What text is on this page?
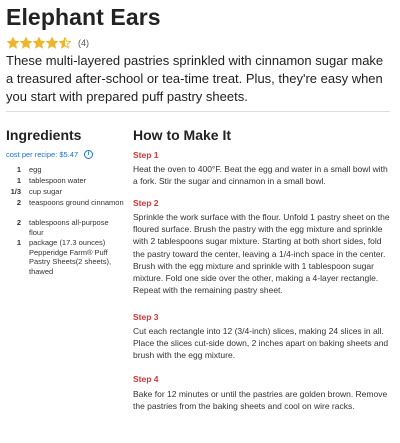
Elephant Ears
(4)

These multi-layered pastries sprinkled with cinnamon sugar make a treasured after-school or tea-time treat. Plus, they're easy when you start with prepared puff pastry sheets.

Ingredients
cost per recipe: $5.47	i
1	egg
1	tablespoon water
1/3	cup sugar
2	teaspoons ground cinnamon
2	tablespoons all-purpose flour
1	package (17.3 ounces) Pepperidge Farm® Puff Pastry Sheets(2 sheets), thawed
How to Make It
Step 1

Heat the oven to 400°F. Beat the egg and water in a small bowl with a fork. Stir the sugar and cinnamon in a small bowl.

Step 2

Sprinkle the work surface with the flour. Unfold 1 pastry sheet on the floured surface. Brush the pastry with the egg mixture and sprinkle with 2 tablespoons sugar mixture. Starting at both short sides, fold the pastry toward the center, leaving a 1/4-inch space in the center. Brush with the egg mixture and sprinkle with 1 tablespoon sugar mixture. Fold one side over the other, making a 4-layer rectangle. Repeat with the remaining pastry sheet.

Step 3

Cut each rectangle into 12 (3/4-inch) slices, making 24 slices in all. Place the slices cut-side down, 2 inches apart on baking sheets and brush with the egg mixture.

Step 4

Bake for 12 minutes or until the pastries are golden brown. Remove the pastries from the baking sheets and cool on wire racks.
